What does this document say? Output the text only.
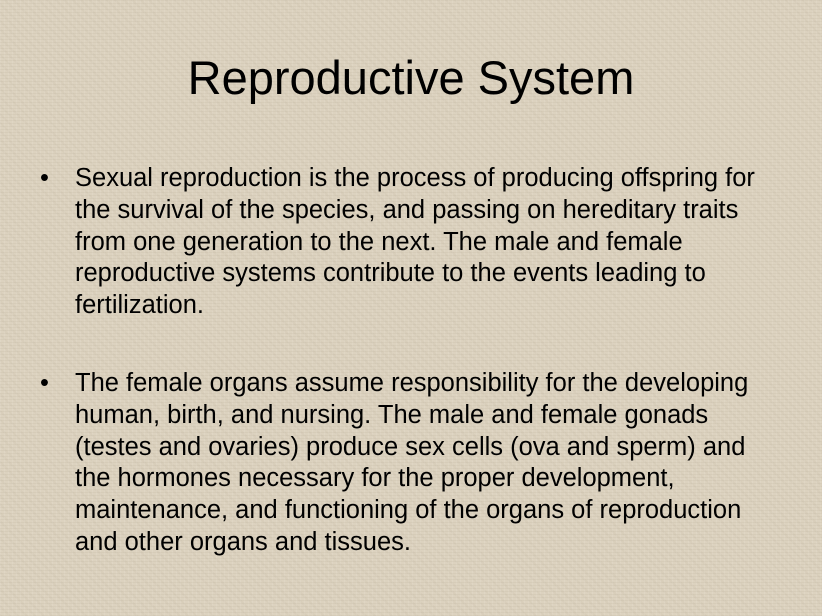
Reproductive System
•	Sexual reproduction is the process of producing offspring for the survival of the species, and passing on hereditary traits from one generation to the next. The male and female reproductive systems contribute to the events leading to fertilization.
•	The female organs assume responsibility for the developing human, birth, and nursing. The male and female gonads (testes and ovaries) produce sex cells (ova and sperm) and the hormones necessary for the proper development, maintenance, and functioning of the organs of reproduction and other organs and tissues.
